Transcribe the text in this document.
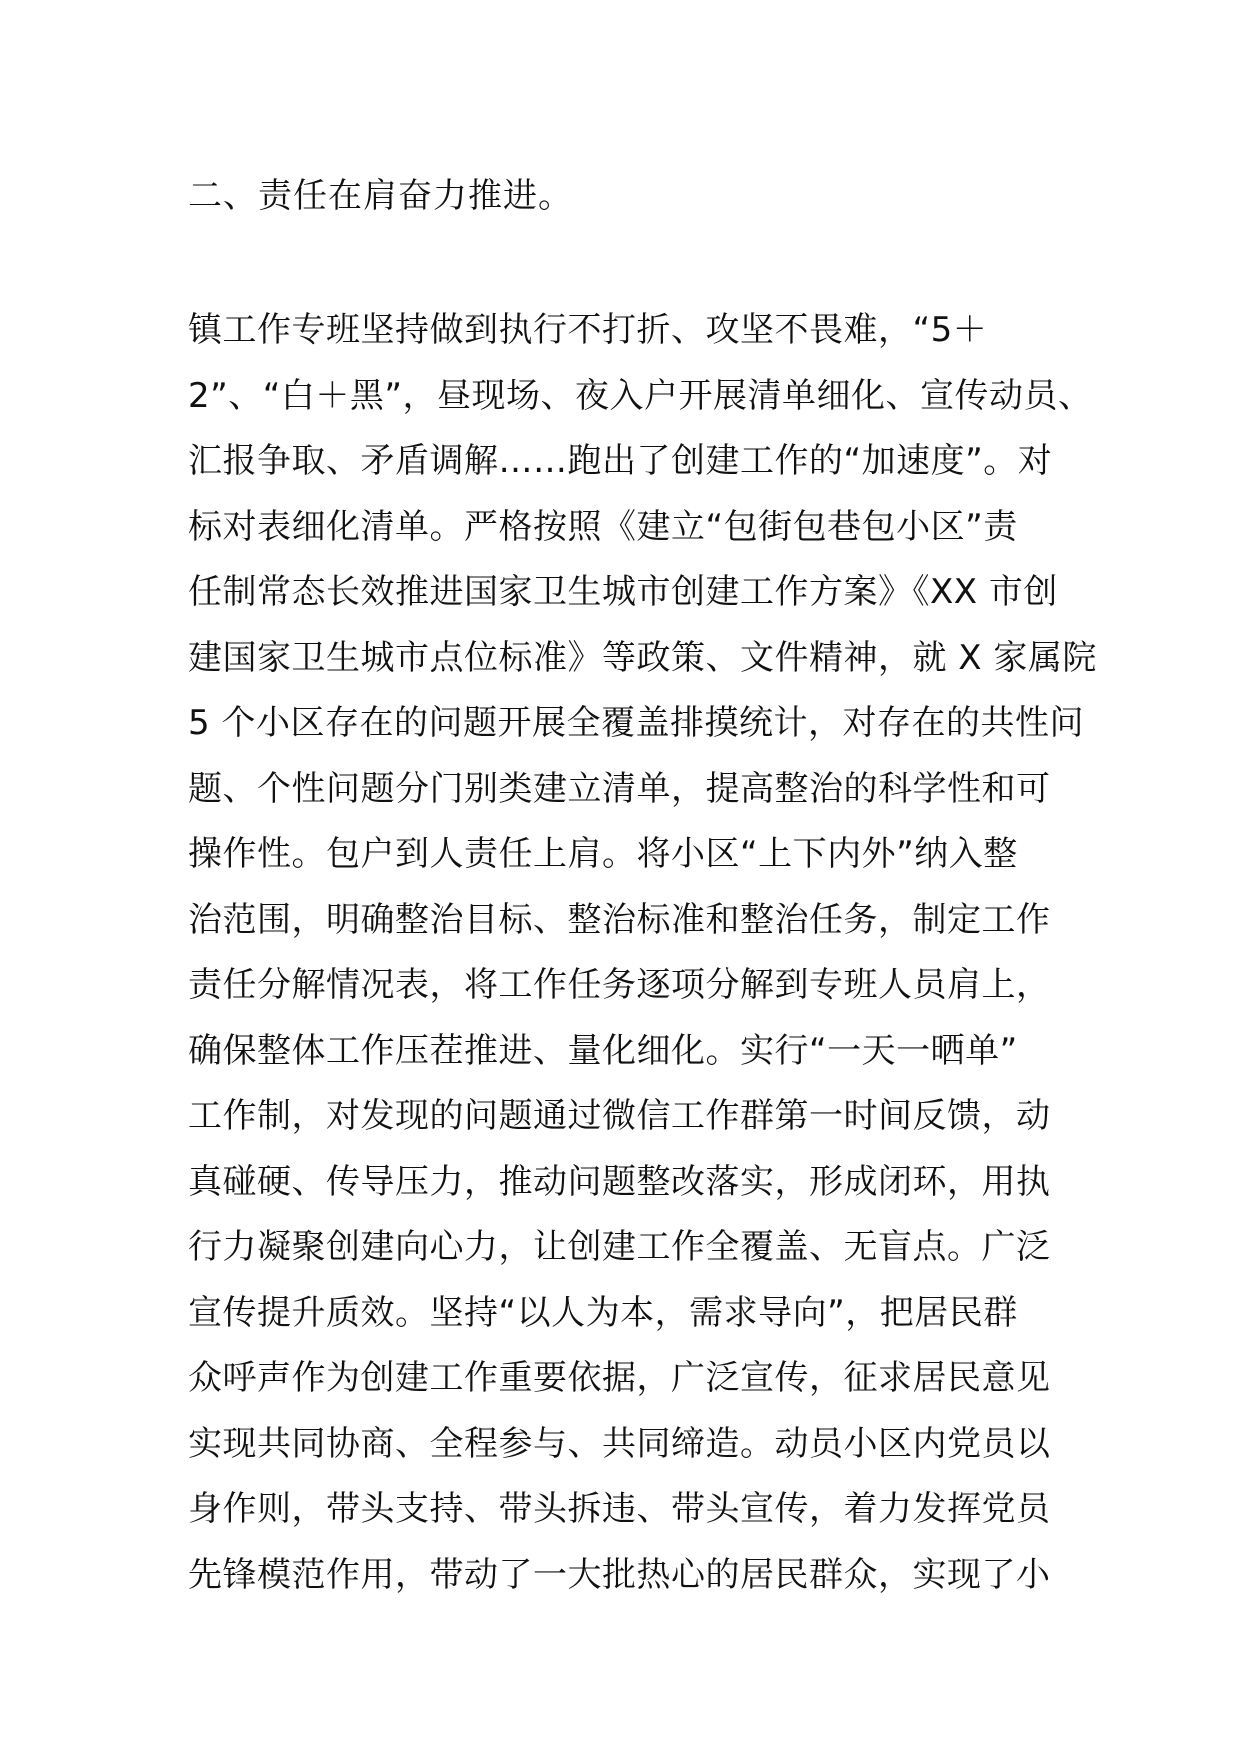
二、责任在肩奋力推进。
镇工作专班坚持做到执行不打折、攻坚不畏难，“5＋
2”、“白＋黑”，昼现场、夜入户开展清单细化、宣传动员、
汇报争取、矛盾调解……跑出了创建工作的“加速度”。对
标对表细化清单。严格按照《建立“包街包巷包小区”责
任制常态长效推进国家卫生城市创建工作方案》《XX 市创
建国家卫生城市点位标准》等政策、文件精神，就 X 家属院
5 个小区存在的问题开展全覆盖排摸统计，对存在的共性问
题、个性问题分门别类建立清单，提高整治的科学性和可
操作性。包户到人责任上肩。将小区“上下内外”纳入整
治范围，明确整治目标、整治标准和整治任务，制定工作
责任分解情况表，将工作任务逐项分解到专班人员肩上，
确保整体工作压茬推进、量化细化。实行“一天一晒单”
工作制，对发现的问题通过微信工作群第一时间反馈，动
真碰硬、传导压力，推动问题整改落实，形成闭环，用执
行力凝聚创建向心力，让创建工作全覆盖、无盲点。广泛
宣传提升质效。坚持“以人为本，需求导向”，把居民群
众呼声作为创建工作重要依据，广泛宣传，征求居民意见
实现共同协商、全程参与、共同缔造。动员小区内党员以
身作则，带头支持、带头拆违、带头宣传，着力发挥党员
先锋模范作用，带动了一大批热心的居民群众，实现了小
